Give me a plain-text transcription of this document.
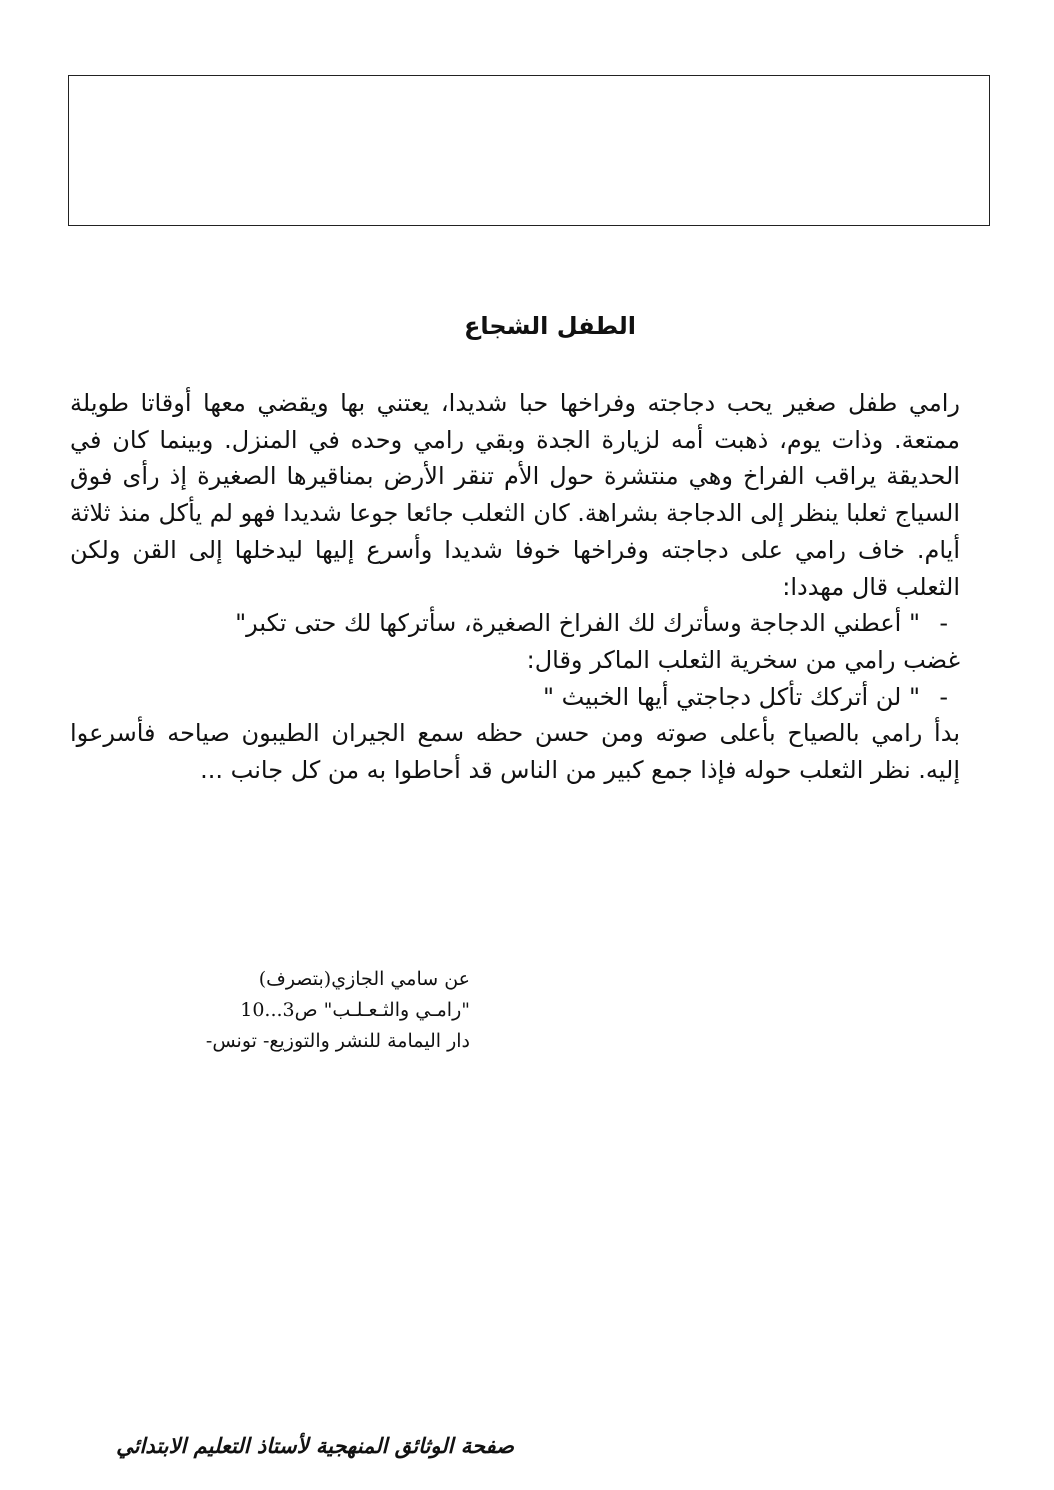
الطفل الشجاع

رامي طفل صغير يحب دجاجته وفراخها حبا شديدا، يعتني بها ويقضي معها أوقاتا طويلة ممتعة. وذات يوم، ذهبت أمه لزيارة الجدة وبقي رامي وحده في المنزل. وبينما كان في الحديقة يراقب الفراخ وهي منتشرة حول الأم تنقر الأرض بمناقيرها الصغيرة إذ رأى فوق السياج ثعلبا ينظر إلى الدجاجة بشراهة. كان الثعلب جائعا جوعا شديدا فهو لم يأكل منذ ثلاثة أيام. خاف رامي على دجاجته وفراخها خوفا شديدا وأسرع إليها ليدخلها إلى القن ولكن الثعلب قال مهددا:

-
" أعطني الدجاجة وسأترك لك الفراخ الصغيرة، سأتركها لك حتى تكبر"

غضب رامي من سخرية الثعلب الماكر وقال:

-
" لن أتركك تأكل دجاجتي أيها الخبيث "

بدأ رامي بالصياح بأعلى صوته ومن حسن حظه سمع الجيران الطيبون صياحه فأسرعوا إليه. نظر الثعلب حوله فإذا جمع كبير من الناس قد أحاطوا به من كل جانب ...

عن سامي الجازي(بتصرف)
"رامـي والثـعـلـب" ص3...10
دار اليمامة للنشر والتوزيع- تونس-
صفحة الوثائق المنهجية لأستاذ التعليم الابتدائي
